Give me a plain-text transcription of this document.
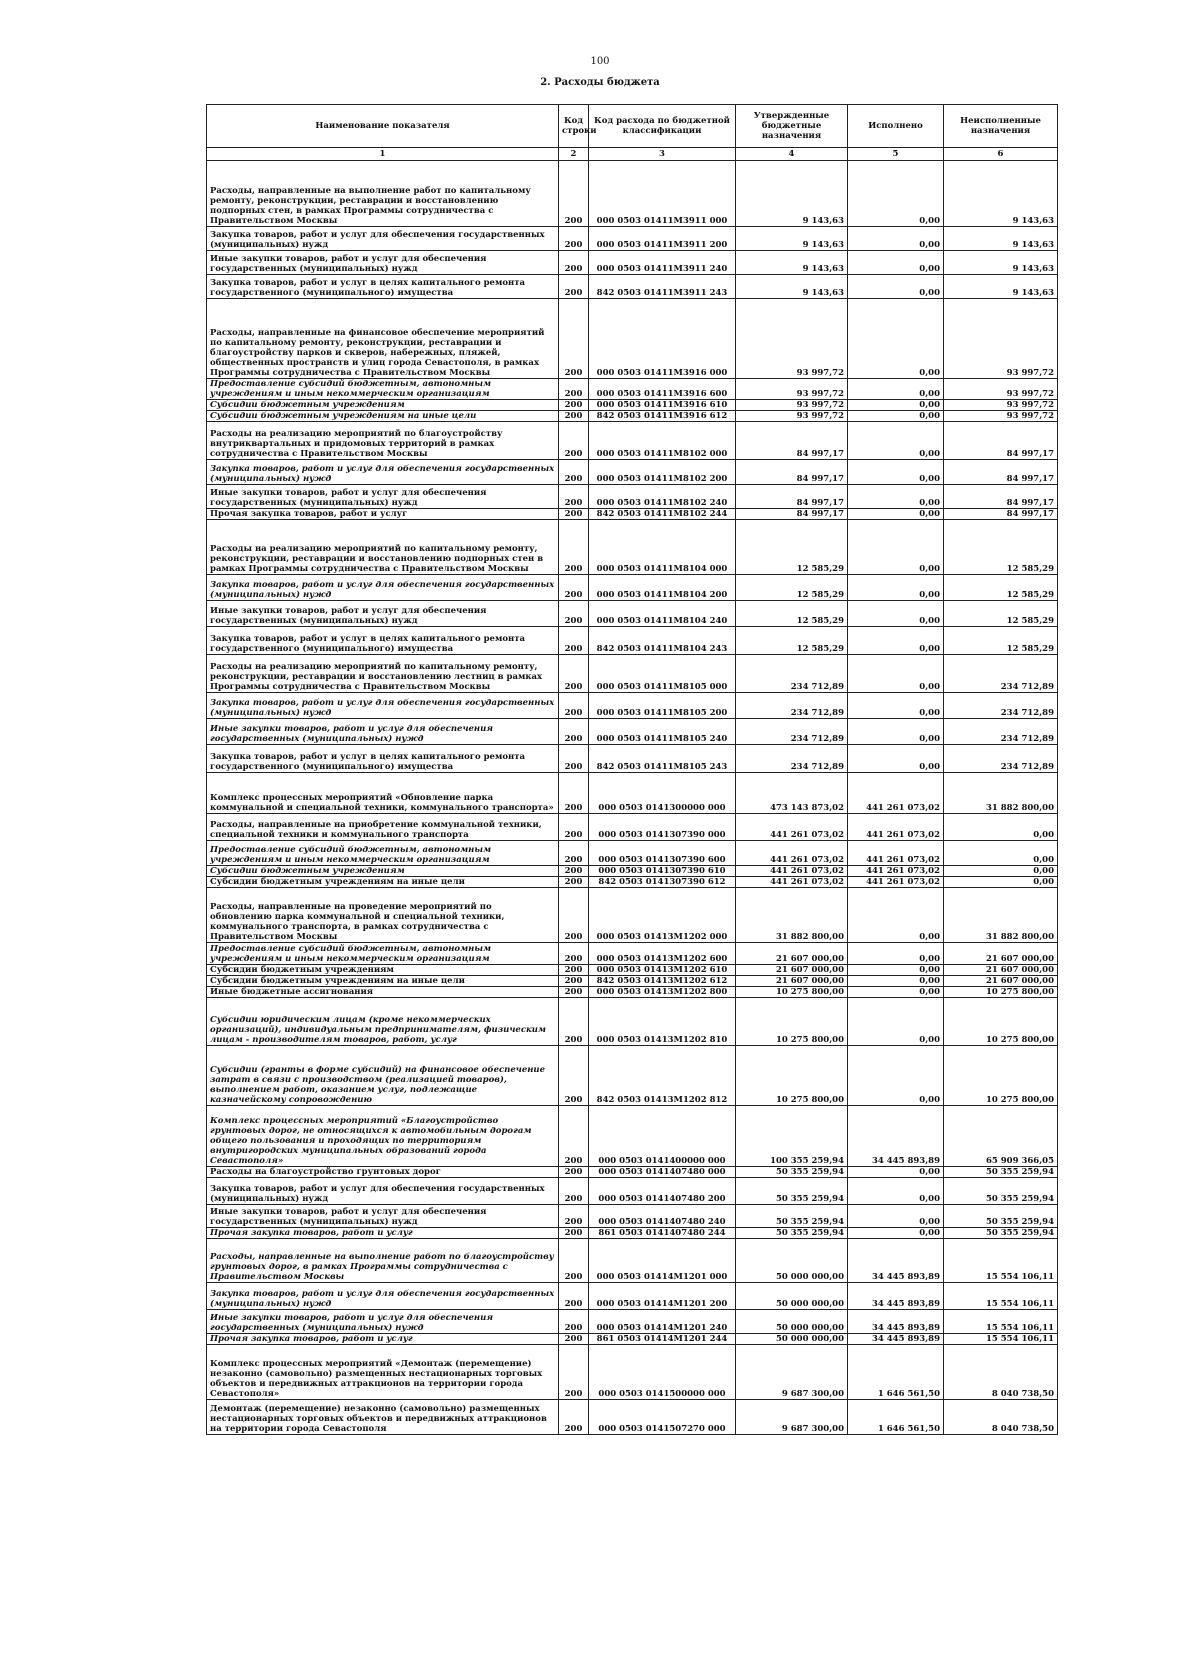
100
2. Расходы бюджета
Наименование показателя	Код строки	Код расхода по бюджетной классификации	Утвержденные бюджетные назначения	Исполнено	Неисполненные назначения
1	2	3	4	5	6
Расходы, направленные на выполнение работ по капитальному ремонту, реконструкции, реставрации и восстановлению подпорных стен, в рамках Программы сотрудничества с Правительством Москвы	200	000 0503 01411М3911 000	9 143,63	0,00	9 143,63
Закупка товаров, работ и услуг для обеспечения государственных (муниципальных) нужд	200	000 0503 01411М3911 200	9 143,63	0,00	9 143,63
Иные закупки товаров, работ и услуг для обеспечения государственных (муниципальных) нужд	200	000 0503 01411М3911 240	9 143,63	0,00	9 143,63
Закупка товаров, работ и услуг в целях капитального ремонта государственного (муниципального) имущества	200	842 0503 01411М3911 243	9 143,63	0,00	9 143,63
Расходы, направленные на финансовое обеспечение мероприятий по капитальному ремонту, реконструкции, реставрации и благоустройству парков и скверов, набережных, пляжей, общественных пространств и улиц города Севастополя, в рамках Программы сотрудничества с Правительством Москвы	200	000 0503 01411М3916 000	93 997,72	0,00	93 997,72
Предоставление субсидий бюджетным, автономным учреждениям и иным некоммерческим организациям	200	000 0503 01411М3916 600	93 997,72	0,00	93 997,72
Субсидии бюджетным учреждениям	200	000 0503 01411М3916 610	93 997,72	0,00	93 997,72
Субсидии бюджетным учреждениям на иные цели	200	842 0503 01411М3916 612	93 997,72	0,00	93 997,72
Расходы на реализацию мероприятий по благоустройству внутриквартальных и придомовых территорий в рамках сотрудничества с Правительством Москвы	200	000 0503 01411М8102 000	84 997,17	0,00	84 997,17
Закупка товаров, работ и услуг для обеспечения государственных (муниципальных) нужд	200	000 0503 01411М8102 200	84 997,17	0,00	84 997,17
Иные закупки товаров, работ и услуг для обеспечения государственных (муниципальных) нужд	200	000 0503 01411М8102 240	84 997,17	0,00	84 997,17
Прочая закупка товаров, работ и услуг	200	842 0503 01411М8102 244	84 997,17	0,00	84 997,17
Расходы на реализацию мероприятий по капитальному ремонту, реконструкции, реставрации и восстановлению подпорных стен в рамках Программы сотрудничества с Правительством Москвы	200	000 0503 01411М8104 000	12 585,29	0,00	12 585,29
Закупка товаров, работ и услуг для обеспечения государственных (муниципальных) нужд	200	000 0503 01411М8104 200	12 585,29	0,00	12 585,29
Иные закупки товаров, работ и услуг для обеспечения государственных (муниципальных) нужд	200	000 0503 01411М8104 240	12 585,29	0,00	12 585,29
Закупка товаров, работ и услуг в целях капитального ремонта государственного (муниципального) имущества	200	842 0503 01411М8104 243	12 585,29	0,00	12 585,29
Расходы на реализацию мероприятий по капитальному ремонту, реконструкции, реставрации и восстановлению лестниц в рамках Программы сотрудничества с Правительством Москвы	200	000 0503 01411М8105 000	234 712,89	0,00	234 712,89
Закупка товаров, работ и услуг для обеспечения государственных (муниципальных) нужд	200	000 0503 01411М8105 200	234 712,89	0,00	234 712,89
Иные закупки товаров, работ и услуг для обеспечения государственных (муниципальных) нужд	200	000 0503 01411М8105 240	234 712,89	0,00	234 712,89
Закупка товаров, работ и услуг в целях капитального ремонта государственного (муниципального) имущества	200	842 0503 01411М8105 243	234 712,89	0,00	234 712,89
Комплекс процессных мероприятий «Обновление парка коммунальной и специальной техники, коммунального транспорта»	200	000 0503 0141300000 000	473 143 873,02	441 261 073,02	31 882 800,00
Расходы, направленные на приобретение коммунальной техники, специальной техники и коммунального транспорта	200	000 0503 0141307390 000	441 261 073,02	441 261 073,02	0,00
Предоставление субсидий бюджетным, автономным учреждениям и иным некоммерческим организациям	200	000 0503 0141307390 600	441 261 073,02	441 261 073,02	0,00
Субсидии бюджетным учреждениям	200	000 0503 0141307390 610	441 261 073,02	441 261 073,02	0,00
Субсидии бюджетным учреждениям на иные цели	200	842 0503 0141307390 612	441 261 073,02	441 261 073,02	0,00
Расходы, направленные на проведение мероприятий по обновлению парка коммунальной и специальной техники, коммунального транспорта, в рамках сотрудничества с Правительством Москвы	200	000 0503 01413М1202 000	31 882 800,00	0,00	31 882 800,00
Предоставление субсидий бюджетным, автономным учреждениям и иным некоммерческим организациям	200	000 0503 01413М1202 600	21 607 000,00	0,00	21 607 000,00
Субсидии бюджетным учреждениям	200	000 0503 01413М1202 610	21 607 000,00	0,00	21 607 000,00
Субсидии бюджетным учреждениям на иные цели	200	842 0503 01413М1202 612	21 607 000,00	0,00	21 607 000,00
Иные бюджетные ассигнования	200	000 0503 01413М1202 800	10 275 800,00	0,00	10 275 800,00
Субсидии юридическим лицам (кроме некоммерческих организаций), индивидуальным предпринимателям, физическим лицам - производителям товаров, работ, услуг	200	000 0503 01413М1202 810	10 275 800,00	0,00	10 275 800,00
Субсидии (гранты в форме субсидий) на финансовое обеспечение затрат в связи с производством (реализацией товаров), выполнением работ, оказанием услуг, подлежащие казначейскому сопровождению	200	842 0503 01413М1202 812	10 275 800,00	0,00	10 275 800,00
Комплекс процессных мероприятий «Благоустройство грунтовых дорог, не относящихся к автомобильным дорогам общего пользования и проходящих по территориям внутригородских муниципальных образований города Севастополя»	200	000 0503 0141400000 000	100 355 259,94	34 445 893,89	65 909 366,05
Расходы на благоустройство грунтовых дорог	200	000 0503 0141407480 000	50 355 259,94	0,00	50 355 259,94
Закупка товаров, работ и услуг для обеспечения государственных (муниципальных) нужд	200	000 0503 0141407480 200	50 355 259,94	0,00	50 355 259,94
Иные закупки товаров, работ и услуг для обеспечения государственных (муниципальных) нужд	200	000 0503 0141407480 240	50 355 259,94	0,00	50 355 259,94
Прочая закупка товаров, работ и услуг	200	861 0503 0141407480 244	50 355 259,94	0,00	50 355 259,94
Расходы, направленные на выполнение работ по благоустройству грунтовых дорог, в рамках Программы сотрудничества с Правительством Москвы	200	000 0503 01414М1201 000	50 000 000,00	34 445 893,89	15 554 106,11
Закупка товаров, работ и услуг для обеспечения государственных (муниципальных) нужд	200	000 0503 01414М1201 200	50 000 000,00	34 445 893,89	15 554 106,11
Иные закупки товаров, работ и услуг для обеспечения государственных (муниципальных) нужд	200	000 0503 01414М1201 240	50 000 000,00	34 445 893,89	15 554 106,11
Прочая закупка товаров, работ и услуг	200	861 0503 01414М1201 244	50 000 000,00	34 445 893,89	15 554 106,11
Комплекс процессных мероприятий «Демонтаж (перемещение) незаконно (самовольно) размещенных нестационарных торговых объектов и передвижных аттракционов на территории города Севастополя»	200	000 0503 0141500000 000	9 687 300,00	1 646 561,50	8 040 738,50
Демонтаж (перемещение) незаконно (самовольно) размещенных нестационарных торговых объектов и передвижных аттракционов на территории города Севастополя	200	000 0503 0141507270 000	9 687 300,00	1 646 561,50	8 040 738,50
